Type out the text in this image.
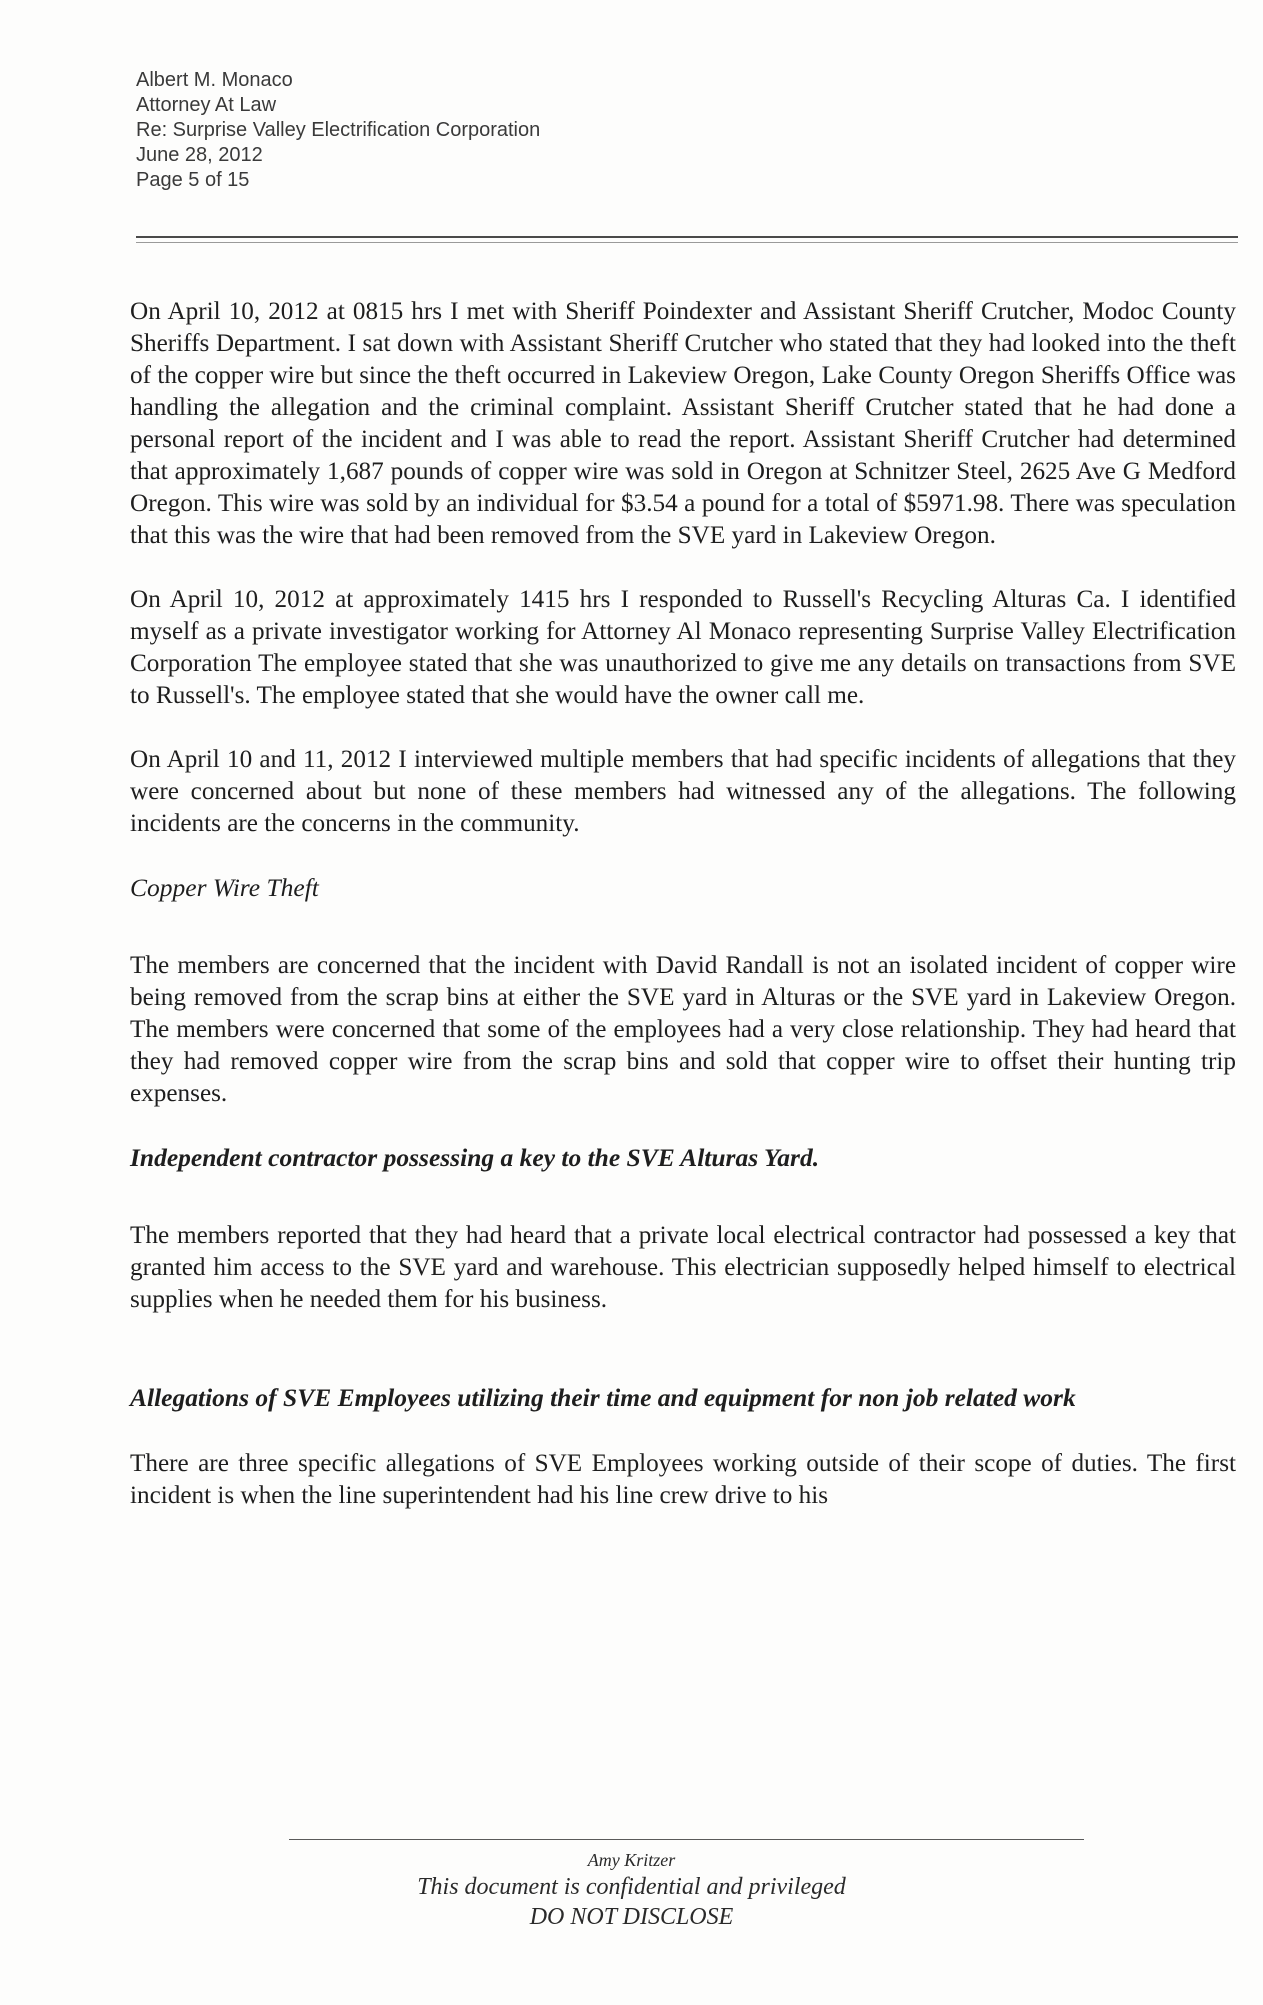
Albert M. Monaco
Attorney At Law
Re: Surprise Valley Electrification Corporation
June 28, 2012
Page 5 of 15

On April 10, 2012 at 0815 hrs I met with Sheriff Poindexter and Assistant Sheriff Crutcher, Modoc County Sheriffs Department. I sat down with Assistant Sheriff Crutcher who stated that they had looked into the theft of the copper wire but since the theft occurred in Lakeview Oregon, Lake County Oregon Sheriffs Office was handling the allegation and the criminal complaint. Assistant Sheriff Crutcher stated that he had done a personal report of the incident and I was able to read the report. Assistant Sheriff Crutcher had determined that approximately 1,687 pounds of copper wire was sold in Oregon at Schnitzer Steel, 2625 Ave G Medford Oregon. This wire was sold by an individual for $3.54 a pound for a total of $5971.98. There was speculation that this was the wire that had been removed from the SVE yard in Lakeview Oregon.

On April 10, 2012 at approximately 1415 hrs I responded to Russell's Recycling Alturas Ca. I identified myself as a private investigator working for Attorney Al Monaco representing Surprise Valley Electrification Corporation The employee stated that she was unauthorized to give me any details on transactions from SVE to Russell's. The employee stated that she would have the owner call me.

On April 10 and 11, 2012 I interviewed multiple members that had specific incidents of allegations that they were concerned about but none of these members had witnessed any of the allegations. The following incidents are the concerns in the community.

Copper Wire Theft

The members are concerned that the incident with David Randall is not an isolated incident of copper wire being removed from the scrap bins at either the SVE yard in Alturas or the SVE yard in Lakeview Oregon. The members were concerned that some of the employees had a very close relationship. They had heard that they had removed copper wire from the scrap bins and sold that copper wire to offset their hunting trip expenses.

Independent contractor possessing a key to the SVE Alturas Yard.

The members reported that they had heard that a private local electrical contractor had possessed a key that granted him access to the SVE yard and warehouse. This electrician supposedly helped himself to electrical supplies when he needed them for his business.

Allegations of SVE Employees utilizing their time and equipment for non job related work

There are three specific allegations of SVE Employees working outside of their scope of duties. The first incident is when the line superintendent had his line crew drive to his

Amy Kritzer
This document is confidential and privileged
DO NOT DISCLOSE
